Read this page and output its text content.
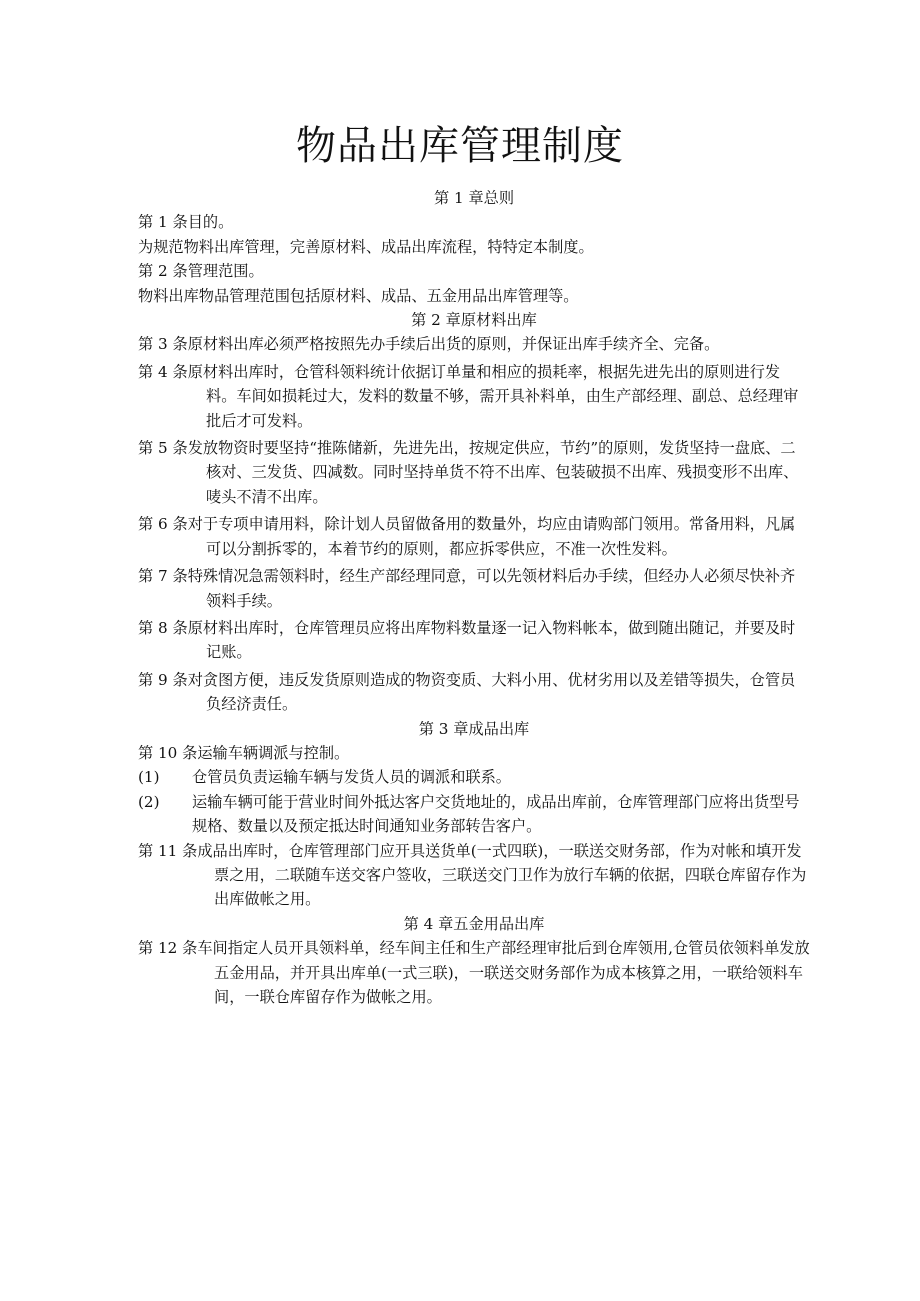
物品出库管理制度
第 1 章总则
第 1 条目的。
为规范物料出库管理，完善原材料、成品出库流程，特特定本制度。
第 2 条管理范围。
物料出库物品管理范围包括原材料、成品、五金用品出库管理等。
第 2 章原材料出库
第 3 条原材料出库必须严格按照先办手续后出货的原则，并保证出库手续齐全、完备。
第 4 条原材料出库时，仓管科领料统计依据订单量和相应的损耗率，根据先进先出的原则进行发料。车间如损耗过大，发料的数量不够，需开具补料单，由生产部经理、副总、总经理审批后才可发料。
第 5 条发放物资时要坚持“推陈储新，先进先出，按规定供应，节约”的原则，发货坚持一盘底、二核对、三发货、四减数。同时坚持单货不符不出库、包装破损不出库、残损变形不出库、唛头不清不出库。
第 6 条对于专项申请用料，除计划人员留做备用的数量外，均应由请购部门领用。常备用料，凡属可以分割拆零的，本着节约的原则，都应拆零供应，不准一次性发料。
第 7 条特殊情况急需领料时，经生产部经理同意，可以先领材料后办手续，但经办人必须尽快补齐领料手续。
第 8 条原材料出库时，仓库管理员应将出库物料数量逐一记入物料帐本，做到随出随记，并要及时记账。
第 9 条对贪图方便，违反发货原则造成的物资变质、大料小用、优材劣用以及差错等损失，仓管员负经济责任。
第 3 章成品出库
第 10 条运输车辆调派与控制。
(1) 仓管员负责运输车辆与发货人员的调派和联系。
(2) 运输车辆可能于营业时间外抵达客户交货地址的，成品出库前，仓库管理部门应将出货型号规格、数量以及预定抵达时间通知业务部转告客户。
第 11 条成品出库时，仓库管理部门应开具送货单(一式四联)，一联送交财务部，作为对帐和填开发票之用，二联随车送交客户签收，三联送交门卫作为放行车辆的依据，四联仓库留存作为出库做帐之用。
第 4 章五金用品出库
第 12 条车间指定人员开具领料单，经车间主任和生产部经理审批后到仓库领用,仓管员依领料单发放五金用品，并开具出库单(一式三联)，一联送交财务部作为成本核算之用，一联给领料车间，一联仓库留存作为做帐之用。
